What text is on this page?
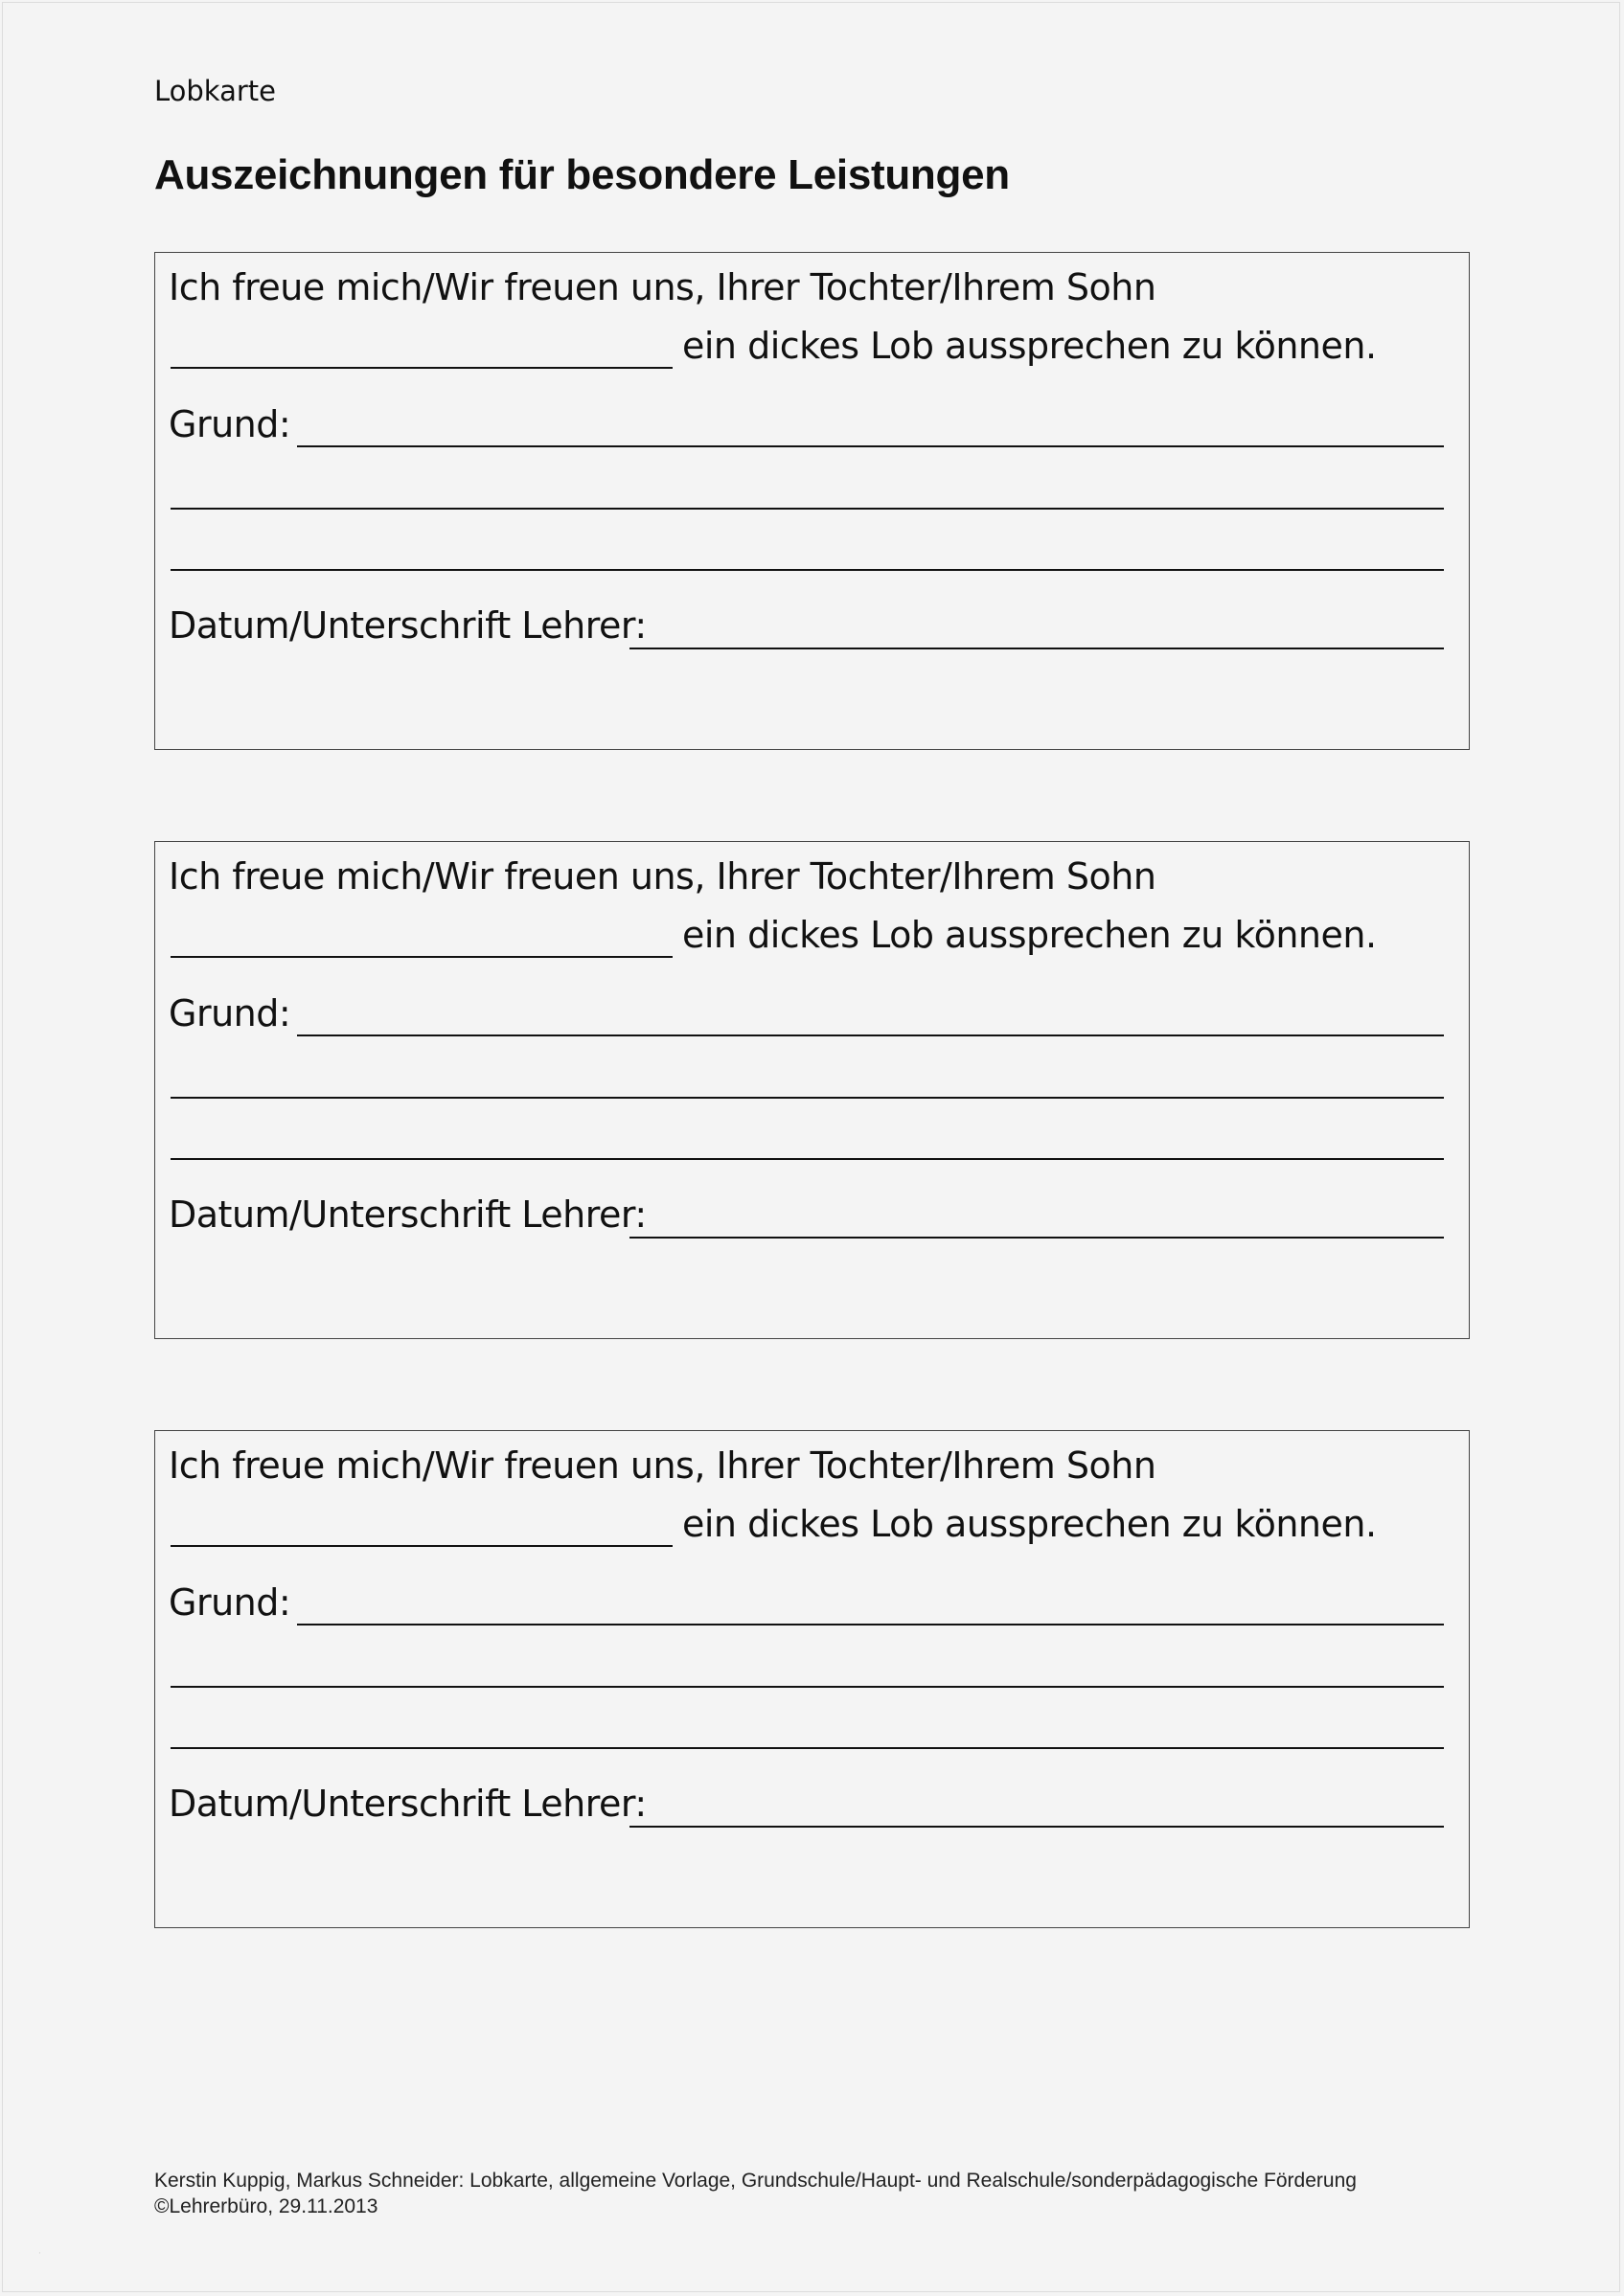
Lobkarte
Auszeichnungen für besondere Leistungen
Ich freue mich/Wir freuen uns, Ihrer Tochter/Ihrem Sohn
ein dickes Lob aussprechen zu können.
Grund:
Datum/Unterschrift Lehrer:
Ich freue mich/Wir freuen uns, Ihrer Tochter/Ihrem Sohn
ein dickes Lob aussprechen zu können.
Grund:
Datum/Unterschrift Lehrer:
Ich freue mich/Wir freuen uns, Ihrer Tochter/Ihrem Sohn
ein dickes Lob aussprechen zu können.
Grund:
Datum/Unterschrift Lehrer:
Kerstin Kuppig, Markus Schneider: Lobkarte, allgemeine Vorlage, Grundschule/Haupt- und Realschule/sonderpädagogische Förderung
©Lehrerbüro, 29.11.2013
·
